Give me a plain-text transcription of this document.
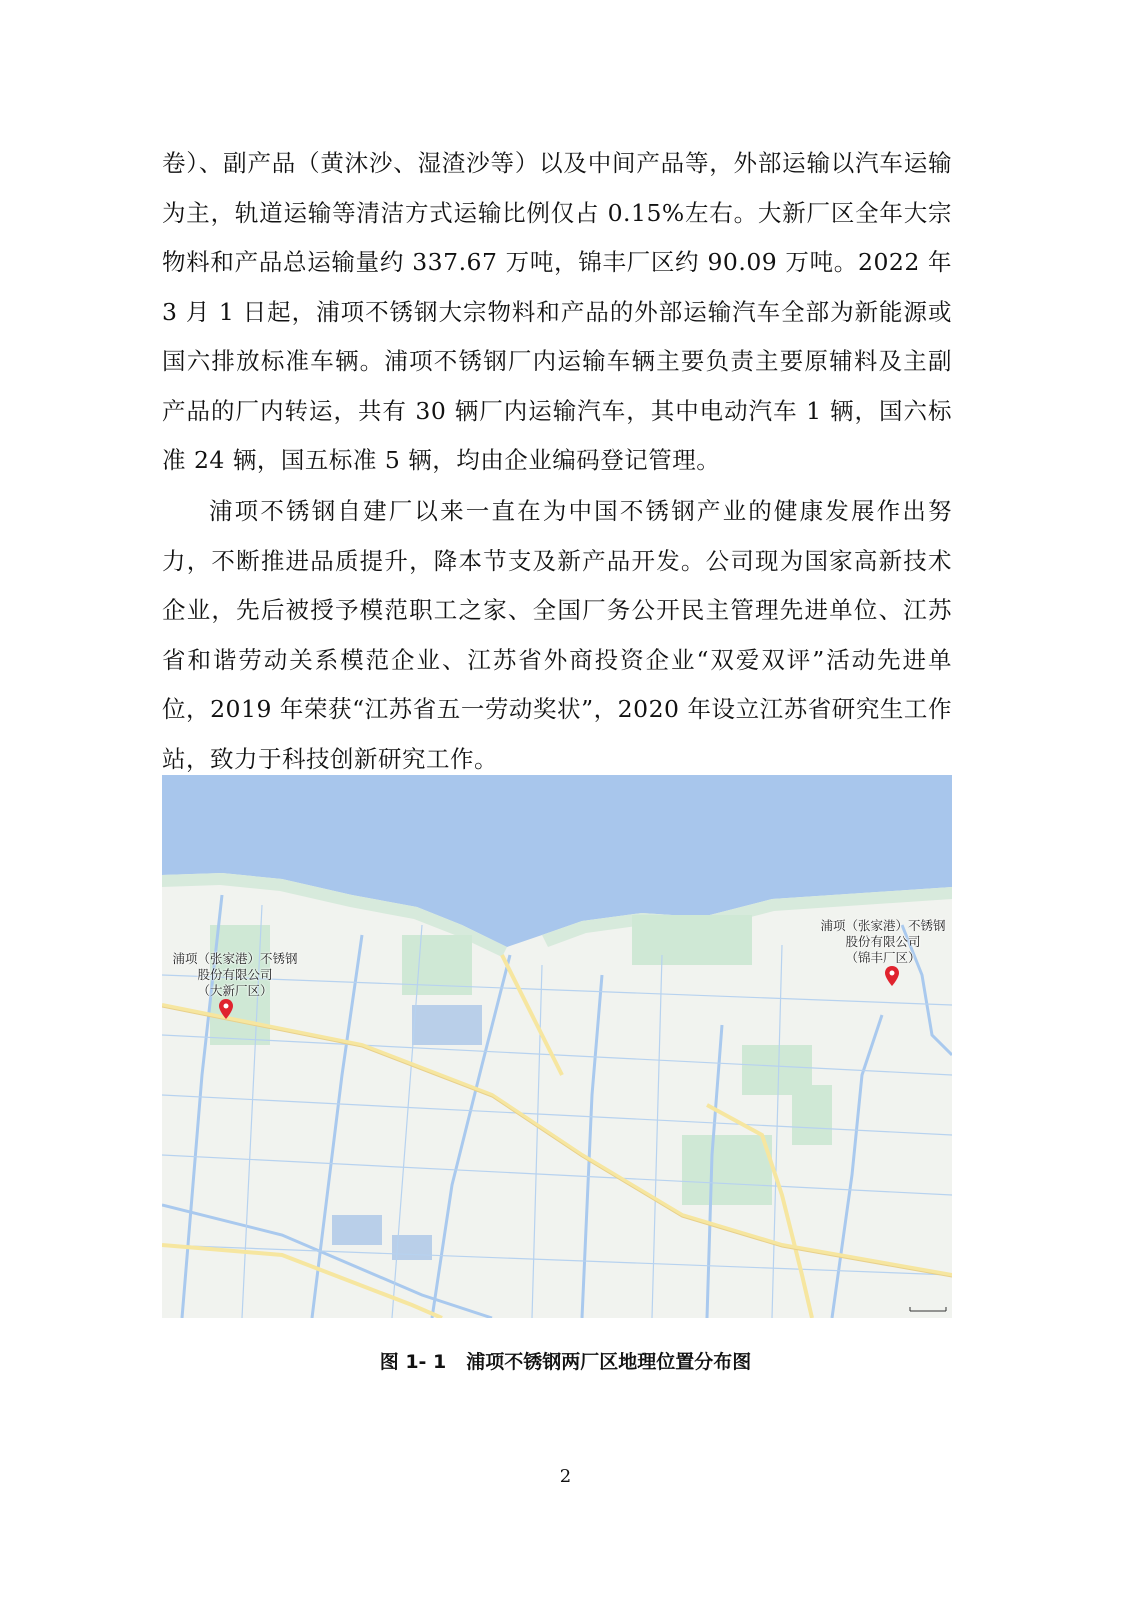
卷）、副产品（黄沐沙、湿渣沙等）以及中间产品等，外部运输以汽车运输为主，轨道运输等清洁方式运输比例仅占 0.15%左右。大新厂区全年大宗物料和产品总运输量约 337.67 万吨，锦丰厂区约 90.09 万吨。2022 年 3 月 1 日起，浦项不锈钢大宗物料和产品的外部运输汽车全部为新能源或国六排放标准车辆。浦项不锈钢厂内运输车辆主要负责主要原辅料及主副产品的厂内转运，共有 30 辆厂内运输汽车，其中电动汽车 1 辆，国六标准 24 辆，国五标准 5 辆，均由企业编码登记管理。

浦项不锈钢自建厂以来一直在为中国不锈钢产业的健康发展作出努力，不断推进品质提升，降本节支及新产品开发。公司现为国家高新技术企业，先后被授予模范职工之家、全国厂务公开民主管理先进单位、江苏省和谐劳动关系模范企业、江苏省外商投资企业“双爱双评”活动先进单位，2019 年荣获“江苏省五一劳动奖状”，2020 年设立江苏省研究生工作站，致力于科技创新研究工作。

浦项（张家港）不锈钢
股份有限公司
（大新厂区）
浦项（张家港）不锈钢
股份有限公司
（锦丰厂区）
图 1- 1 浦项不锈钢两厂区地理位置分布图
2
